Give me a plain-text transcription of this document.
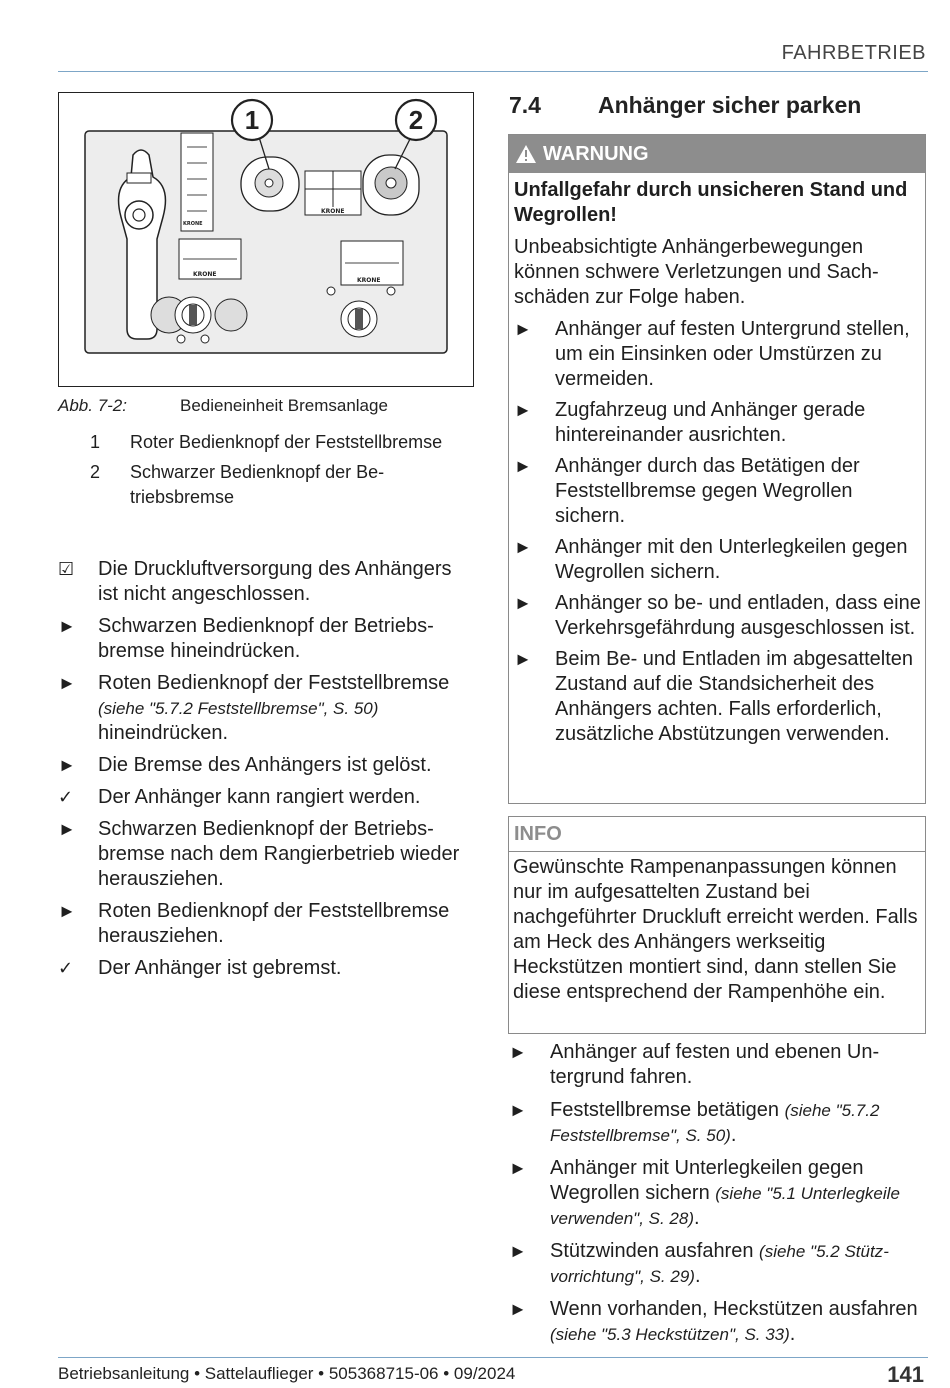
FAHRBETRIEB
KRONE
KRONE
KRONE
KRONE
1	2
Abb. 7-2:	Bedieneinheit Bremsanlage
1	Roter Bedienknopf der Feststellbremse
2	Schwarzer Bedienknopf der Betriebsbremse
☑	Die Druckluftversorgung des Anhängers ist nicht angeschlossen.
►	Schwarzen Bedienknopf der Betriebsbremse hineindrücken.
►	Roten Bedienknopf der Feststellbremse (siehe "5.7.2 Feststellbremse", S. 50) hineindrücken.
►	Die Bremse des Anhängers ist gelöst.
✓	Der Anhänger kann rangiert werden.
►	Schwarzen Bedienknopf der Betriebsbremse nach dem Rangierbetrieb wieder herausziehen.
►	Roten Bedienknopf der Feststellbremse herausziehen.
✓	Der Anhänger ist gebremst.
7.4 Anhänger sicher parken
WARNUNG
Unfallgefahr durch unsicheren Stand und Wegrollen!
Unbeabsichtigte Anhängerbewegungen können schwere Verletzungen und Sachschäden zur Folge haben.
►	Anhänger auf festen Untergrund stellen, um ein Einsinken oder Umstürzen zu vermeiden.
►	Zugfahrzeug und Anhänger gerade hintereinander ausrichten.
►	Anhänger durch das Betätigen der Feststellbremse gegen Wegrollen sichern.
►	Anhänger mit den Unterlegkeilen gegen Wegrollen sichern.
►	Anhänger so be- und entladen, dass eine Verkehrsgefährdung ausgeschlossen ist.
►	Beim Be- und Entladen im abgesattelten Zustand auf die Standsicherheit des Anhängers achten. Falls erforderlich, zusätzliche Abstützungen verwenden.
INFO
Gewünschte Rampenanpassungen können nur im aufgesattelten Zustand bei nachgeführter Druckluft erreicht werden. Falls am Heck des Anhängers werkseitig Heckstützen montiert sind, dann stellen Sie diese entsprechend der Rampenhöhe ein.
►	Anhänger auf festen und ebenen Untergrund fahren.
►	Feststellbremse betätigen (siehe "5.7.2 Feststellbremse", S. 50).
►	Anhänger mit Unterlegkeilen gegen Wegrollen sichern (siehe "5.1 Unterlegkeile verwenden", S. 28).
►	Stützwinden ausfahren (siehe "5.2 Stützvorrichtung", S. 29).
►	Wenn vorhanden, Heckstützen ausfahren (siehe "5.3 Heckstützen", S. 33).
Betriebsanleitung • Sattelauflieger • 505368715-06 • 09/2024	141
